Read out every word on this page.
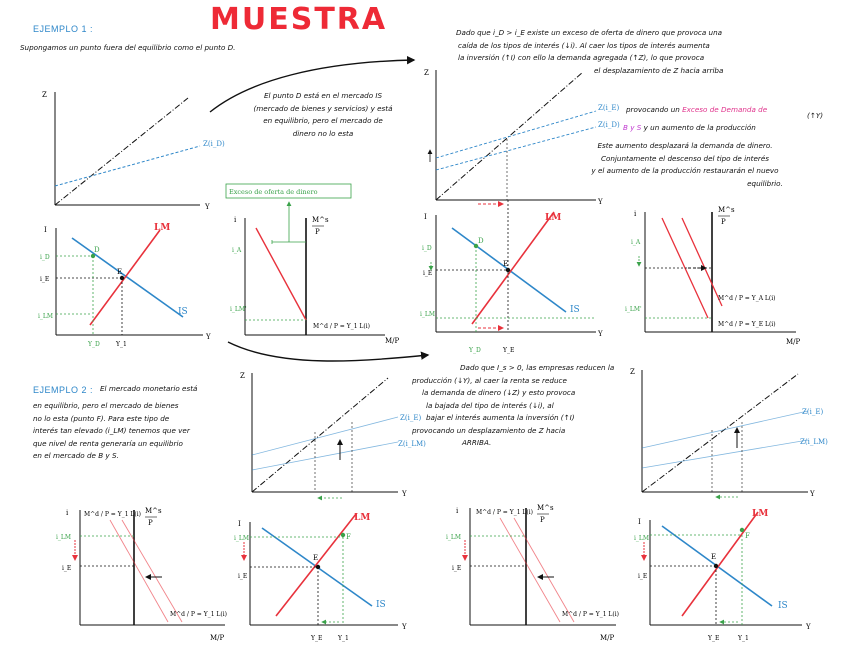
MUESTRA
EJEMPLO 1 :
Supongamos un punto fuera del equilibrio como el punto D.
El punto D está en el mercado IS
(mercado de bienes y servicios) y está
en equilibrio, pero el mercado de
dinero no lo esta
Dado que i_D > i_E existe un exceso de oferta de dinero que provoca una
caída de los tipos de interés (↓i). Al caer los tipos de interés aumenta
la inversión (↑I) con ello la demanda agregada (↑Z), lo que provoca
el desplazamiento de Z hacia arriba
provocando un Exceso de Demanda de
B y S y un aumento de la producción
(↑Y)
Este aumento desplazará la demanda de dinero.
Conjuntamente el descenso del tipo de interés
y el aumento de la producción restaurarán el nuevo
equilibrio.
EJEMPLO 2 : El mercado monetario está
en equilibrio, pero el mercado de bienes
no lo esta (punto F). Para este tipo de
interés tan elevado (i_LM) tenemos que ver
que nivel de renta generaría un equilibrio
en el mercado de B y S.
Dado que I_s > 0, las empresas reducen la
producción (↓Y), al caer la renta se reduce
la demanda de dinero (↓Z) y esto provoca
la bajada del tipo de interés (↓i), al
bajar el interés aumenta la inversión (↑I)
provocando un desplazamiento de Z hacia
ARRIBA.
Z
Y
Z(i_D)
I
Y
LM
IS
D
E
i_D
i_E
i_LM
Y_D	Y_1
i
M/P
M^s
P
i_A
i_LM'
M^d / P = Y_1 L(i)
Exceso de oferta de dinero
Z
Y
Z(i_E)
Z(i_D)
I
Y
LM
IS
D
E
i_D
i_E
i_LM
Y_D	Y_E
i
M/P
M^s
P
i_A
i_LM'
M^d / P = Y_A L(i)
M^d / P = Y_E L(i)
Z
Y
Z(i_E)
Z(i_LM)
i
M/P
M^s
P
i_LM
i_E
M^d / P = Y_1 L(i)
M^d / P = Y_1 L(i)
I
Y
LM
IS
F
E
i_LM
i_E
Y_E	Y_1
Z
Y
Z(i_E)
Z(i_LM)
i
M/P
M^s
P
i_LM
i_E
M^d / P = Y_1 L(i)
M^d / P = Y_1 L(i)
I
Y
LM
IS
F
E
i_LM
i_E
Y_E	Y_1
